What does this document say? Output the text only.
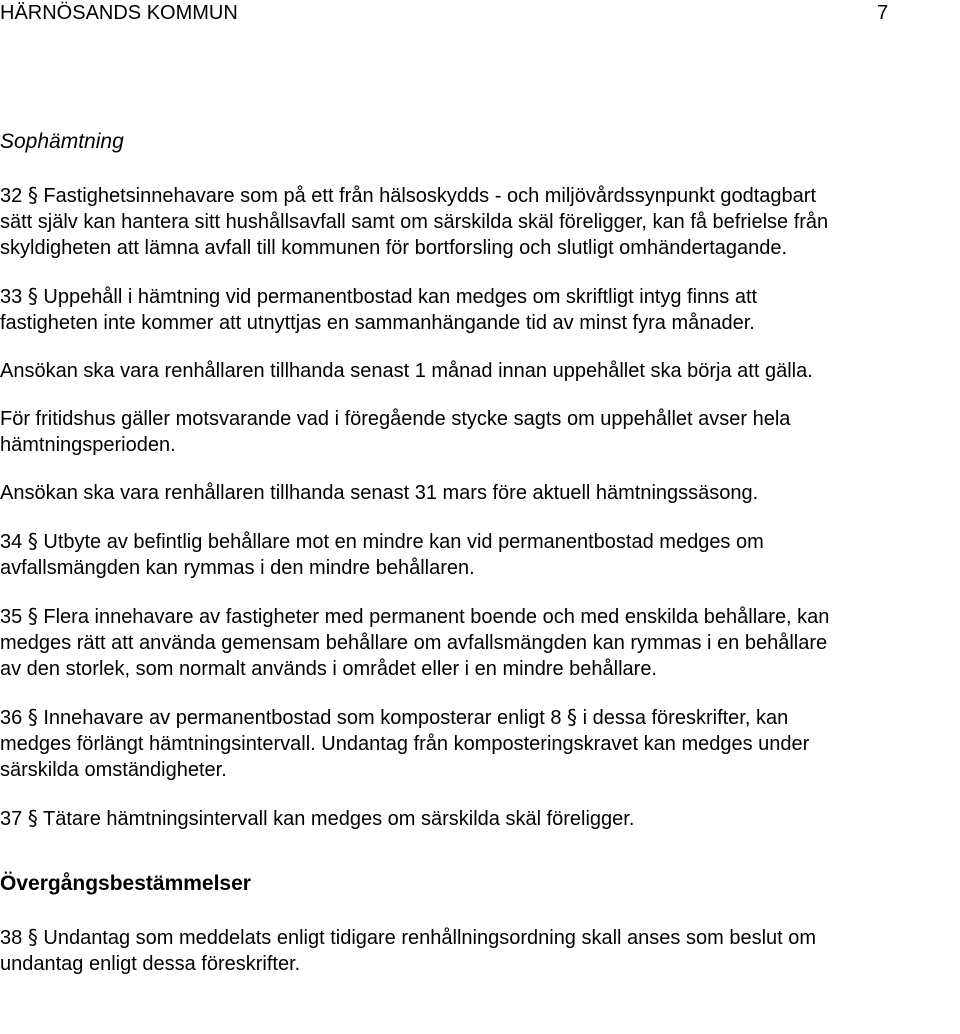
HÄRNÖSANDS KOMMUN	7
Sophämtning
32 § Fastighetsinnehavare som på ett från hälsoskydds - och miljövårdssynpunkt godtagbart
sätt själv kan hantera sitt hushållsavfall samt om särskilda skäl föreligger, kan få befrielse från
skyldigheten att lämna avfall till kommunen för bortforsling och slutligt omhändertagande.
33 § Uppehåll i hämtning vid permanentbostad kan medges om skriftligt intyg finns att
fastigheten inte kommer att utnyttjas en sammanhängande tid av minst fyra månader.
Ansökan ska vara renhållaren tillhanda senast 1 månad innan uppehållet ska börja att gälla.
För fritidshus gäller motsvarande vad i föregående stycke sagts om uppehållet avser hela
hämtningsperioden.
Ansökan ska vara renhållaren tillhanda senast 31 mars före aktuell hämtningssäsong.
34 § Utbyte av befintlig behållare mot en mindre kan vid permanentbostad medges om
avfallsmängden kan rymmas i den mindre behållaren.
35 § Flera innehavare av fastigheter med permanent boende och med enskilda behållare, kan
medges rätt att använda gemensam behållare om avfallsmängden kan rymmas i en behållare
av den storlek, som normalt används i området eller i en mindre behållare.
36 § Innehavare av permanentbostad som komposterar enligt 8 § i dessa föreskrifter, kan
medges förlängt hämtningsintervall. Undantag från komposteringskravet kan medges under
särskilda omständigheter.
37 § Tätare hämtningsintervall kan medges om särskilda skäl föreligger.
Övergångsbestämmelser
38 § Undantag som meddelats enligt tidigare renhållningsordning skall anses som beslut om
undantag enligt dessa föreskrifter.
